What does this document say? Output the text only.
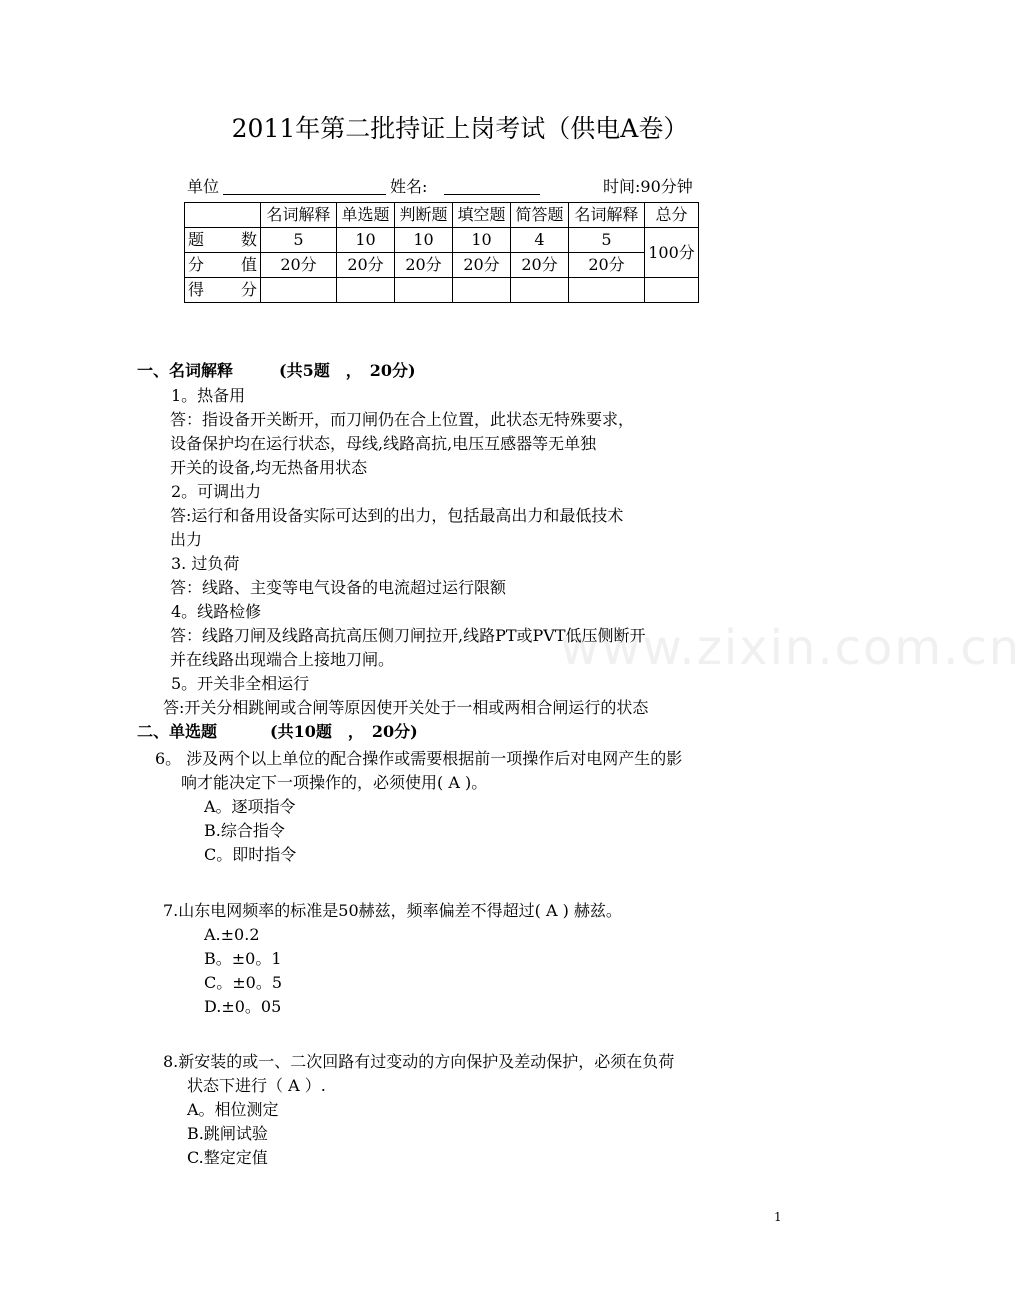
2011年第二批持证上岗考试（供电A卷）
单位	姓名:	时间:90分钟
	名词解释	单选题	判断题	填空题	简答题	名词解释	总分
题　数	5	10	10	10	4	5	100分
分　值	20分	20分	20分	20分	20分	20分	
得　分							
www.zixin.com.cn
一、名词解释	(共5题　，　20分)
1。热备用
答：指设备开关断开，而刀闸仍在合上位置，此状态无特殊要求，
设备保护均在运行状态，母线,线路高抗,电压互感器等无单独
开关的设备,均无热备用状态
2。可调出力
答:运行和备用设备实际可达到的出力，包括最高出力和最低技术
出力
3. 过负荷
答：线路、主变等电气设备的电流超过运行限额
4。线路检修
答：线路刀闸及线路高抗高压侧刀闸拉开,线路PT或PVT低压侧断开
并在线路出现端合上接地刀闸。
5。开关非全相运行
答:开关分相跳闸或合闸等原因使开关处于一相或两相合闸运行的状态
二、单选题	(共10题　，　20分)
6。 涉及两个以上单位的配合操作或需要根据前一项操作后对电网产生的影
响才能决定下一项操作的，必须使用( A )。
A。逐项指令
B.综合指令
C。即时指令
7.山东电网频率的标准是50赫兹，频率偏差不得超过( A ) 赫兹。
A.±0.2
B。±0。1
C。±0。5
D.±0。05
8.新安装的或一、二次回路有过变动的方向保护及差动保护，必须在负荷
状态下进行（ A ）.
A。相位测定
B.跳闸试验
C.整定定值
1
